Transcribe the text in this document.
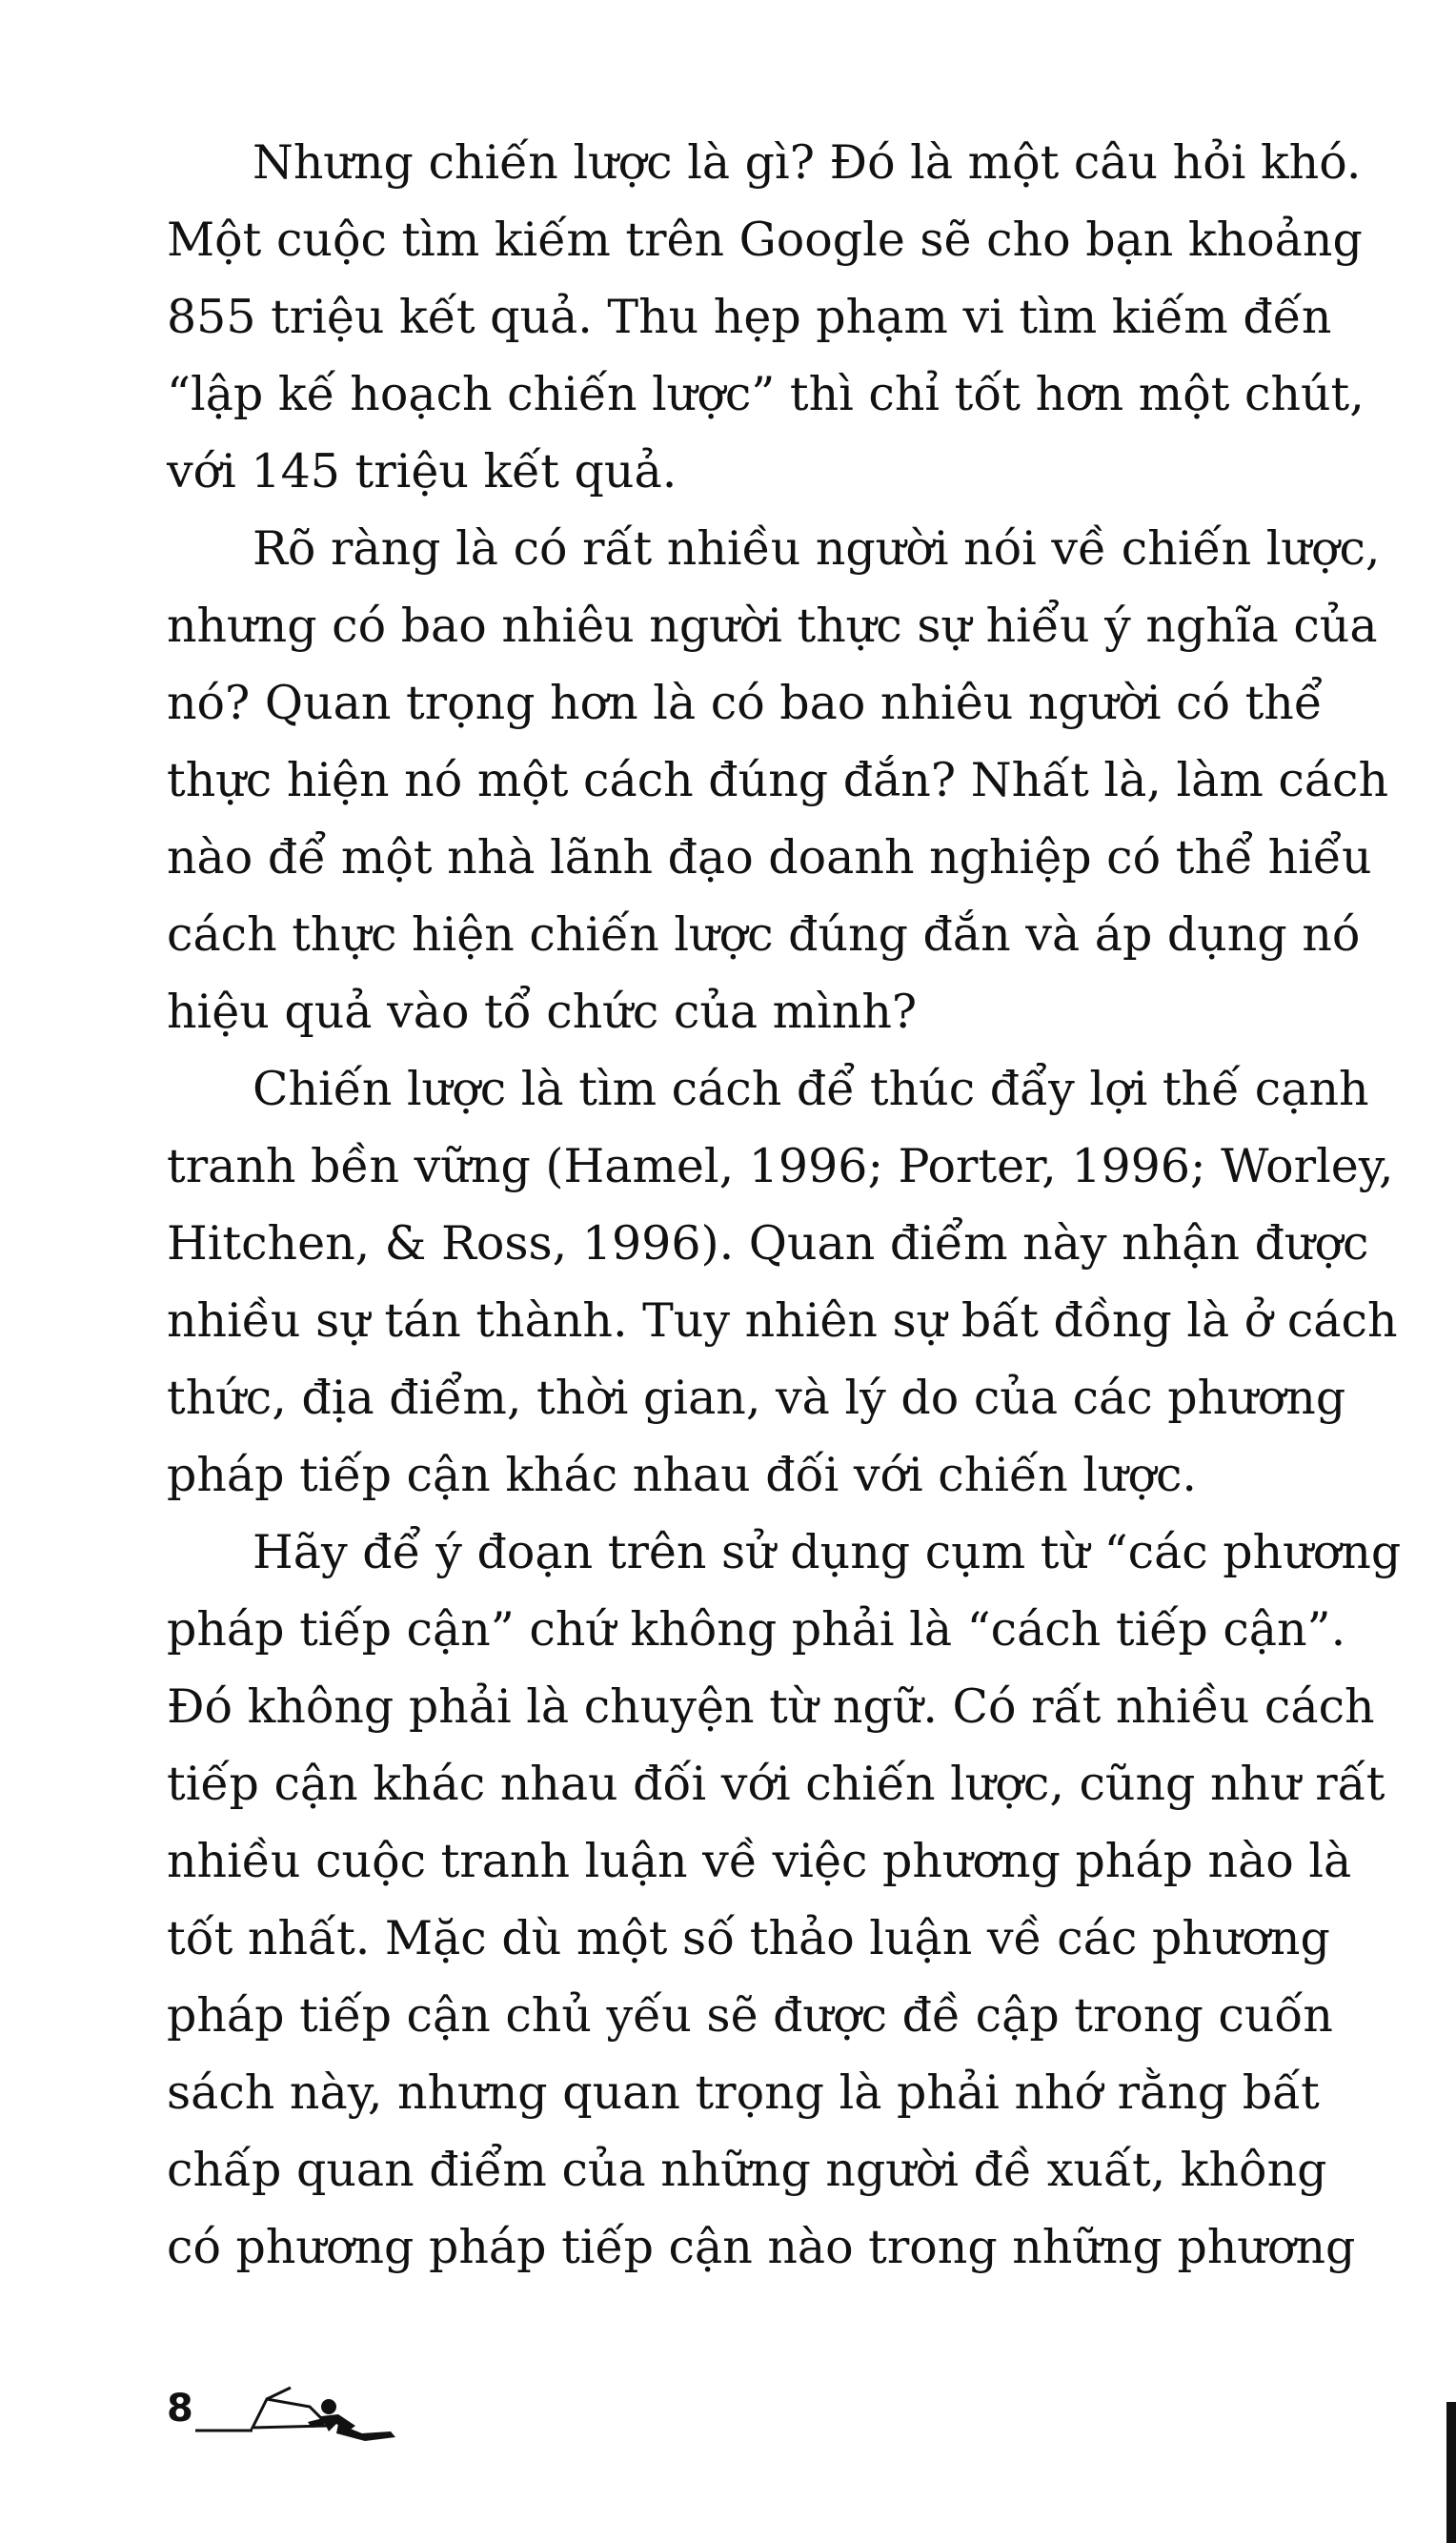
Nhưng chiến lược là gì? Đó là một câu hỏi khó.
Một cuộc tìm kiếm trên Google sẽ cho bạn khoảng
855 triệu kết quả. Thu hẹp phạm vi tìm kiếm đến
“lập kế hoạch chiến lược” thì chỉ tốt hơn một chút,
với 145 triệu kết quả.

Rõ ràng là có rất nhiều người nói về chiến lược,
nhưng có bao nhiêu người thực sự hiểu ý nghĩa của
nó? Quan trọng hơn là có bao nhiêu người có thể
thực hiện nó một cách đúng đắn? Nhất là, làm cách
nào để một nhà lãnh đạo doanh nghiệp có thể hiểu
cách thực hiện chiến lược đúng đắn và áp dụng nó
hiệu quả vào tổ chức của mình?

Chiến lược là tìm cách để thúc đẩy lợi thế cạnh
tranh bền vững (Hamel, 1996; Porter, 1996; Worley,
Hitchen, & Ross, 1996). Quan điểm này nhận được
nhiều sự tán thành. Tuy nhiên sự bất đồng là ở cách
thức, địa điểm, thời gian, và lý do của các phương
pháp tiếp cận khác nhau đối với chiến lược.

Hãy để ý đoạn trên sử dụng cụm từ “các phương
pháp tiếp cận” chứ không phải là “cách tiếp cận”.
Đó không phải là chuyện từ ngữ. Có rất nhiều cách
tiếp cận khác nhau đối với chiến lược, cũng như rất
nhiều cuộc tranh luận về việc phương pháp nào là
tốt nhất. Mặc dù một số thảo luận về các phương
pháp tiếp cận chủ yếu sẽ được đề cập trong cuốn
sách này, nhưng quan trọng là phải nhớ rằng bất
chấp quan điểm của những người đề xuất, không
có phương pháp tiếp cận nào trong những phương

8
